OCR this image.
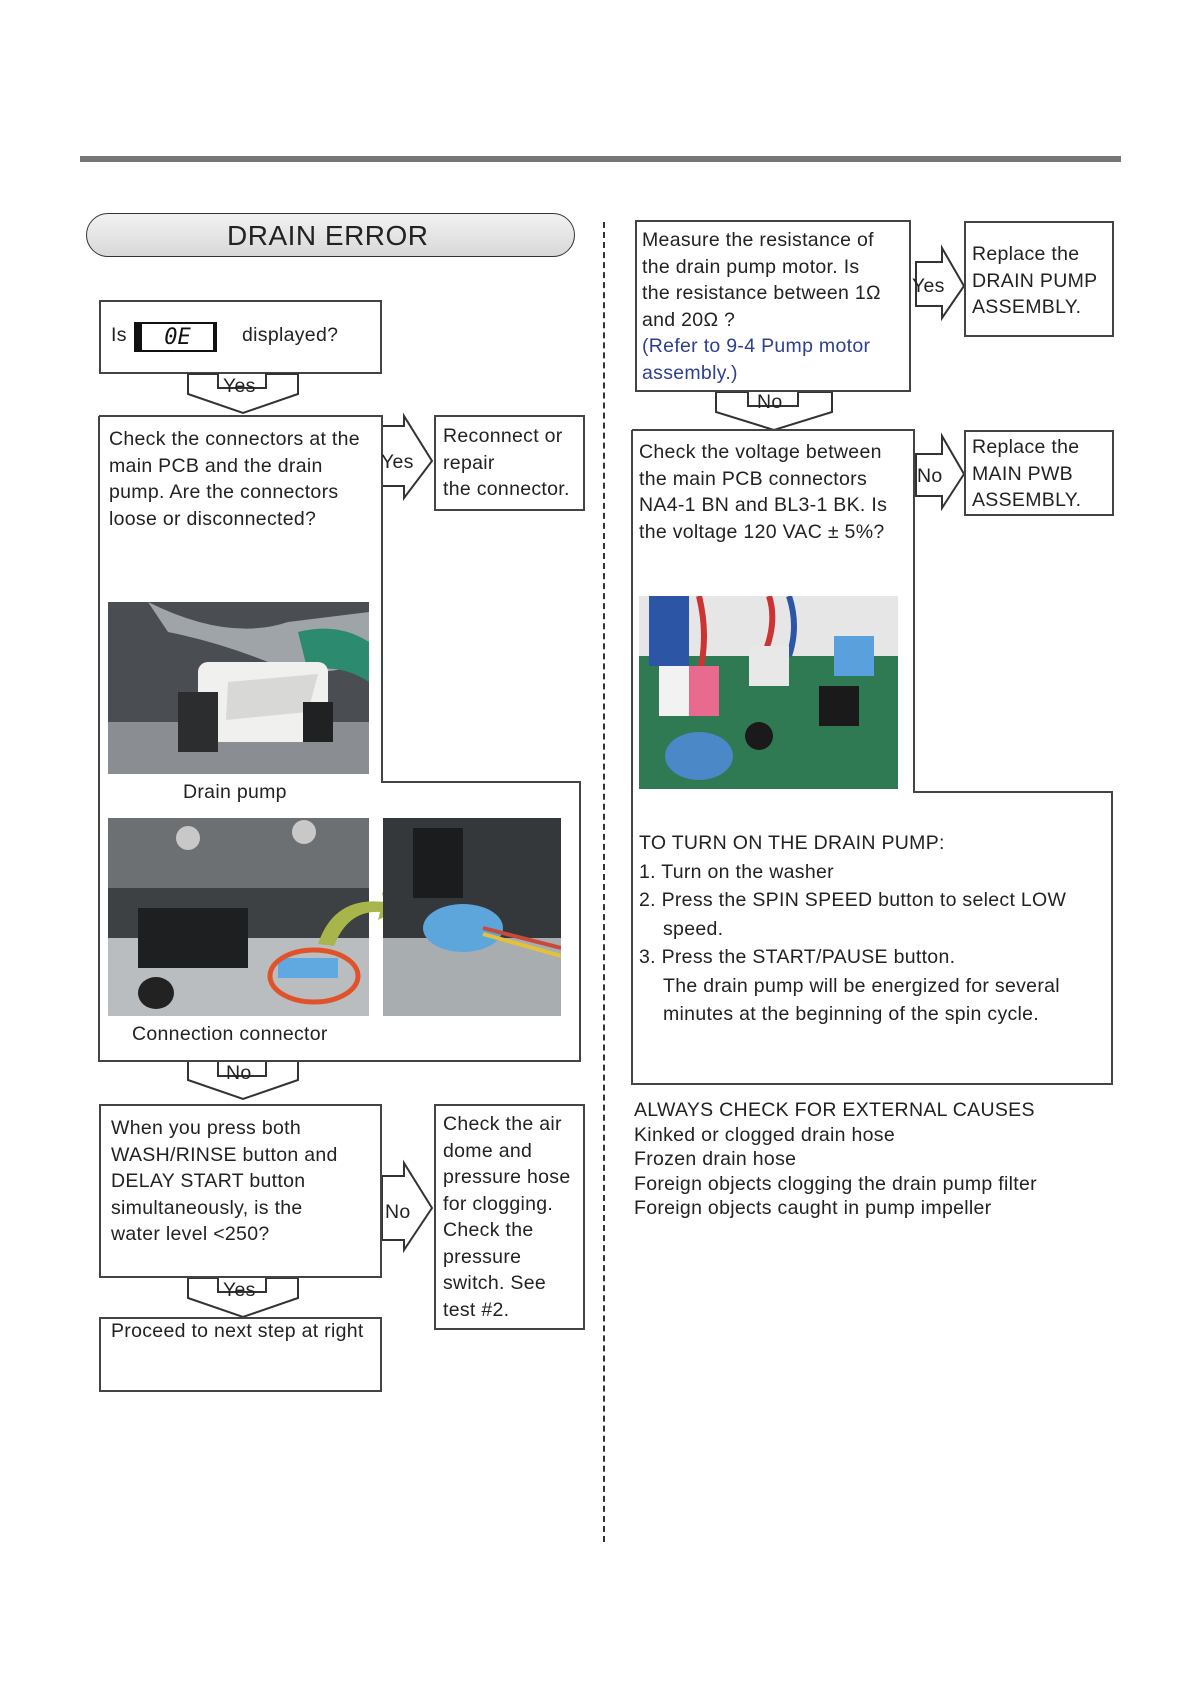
DRAIN ERROR
Is	0E	displayed?
Yes
Check the connectors at the
main PCB and the drain
pump. Are the connectors
loose or disconnected?
Yes
Reconnect or
repair
the connector.
Drain pump
Connection connector
No
When you press both
WASH/RINSE button and
DELAY START button
simultaneously, is the
water level <250?
No
Check the air
dome and
pressure hose
for clogging.
Check the
pressure
switch. See
test #2.
Yes
Proceed to next step at right
Measure the resistance of
the drain pump motor. Is
the resistance between 1Ω
and 20Ω ?
(Refer to 9-4 Pump motor
assembly.)
Yes
Replace the
DRAIN PUMP
ASSEMBLY.
No
Check the voltage between
the main PCB connectors
NA4-1 BN and BL3-1 BK. Is
the voltage 120 VAC ± 5%?
No
Replace the
MAIN PWB
ASSEMBLY.
TO TURN ON THE DRAIN PUMP:
1. Turn on the washer
2. Press the SPIN SPEED button to select LOW
speed.
3. Press the START/PAUSE button.
The drain pump will be energized for several
minutes at the beginning of the spin cycle.
ALWAYS CHECK FOR EXTERNAL CAUSES
Kinked or clogged drain hose
Frozen drain hose
Foreign objects clogging the drain pump filter
Foreign objects caught in pump impeller
